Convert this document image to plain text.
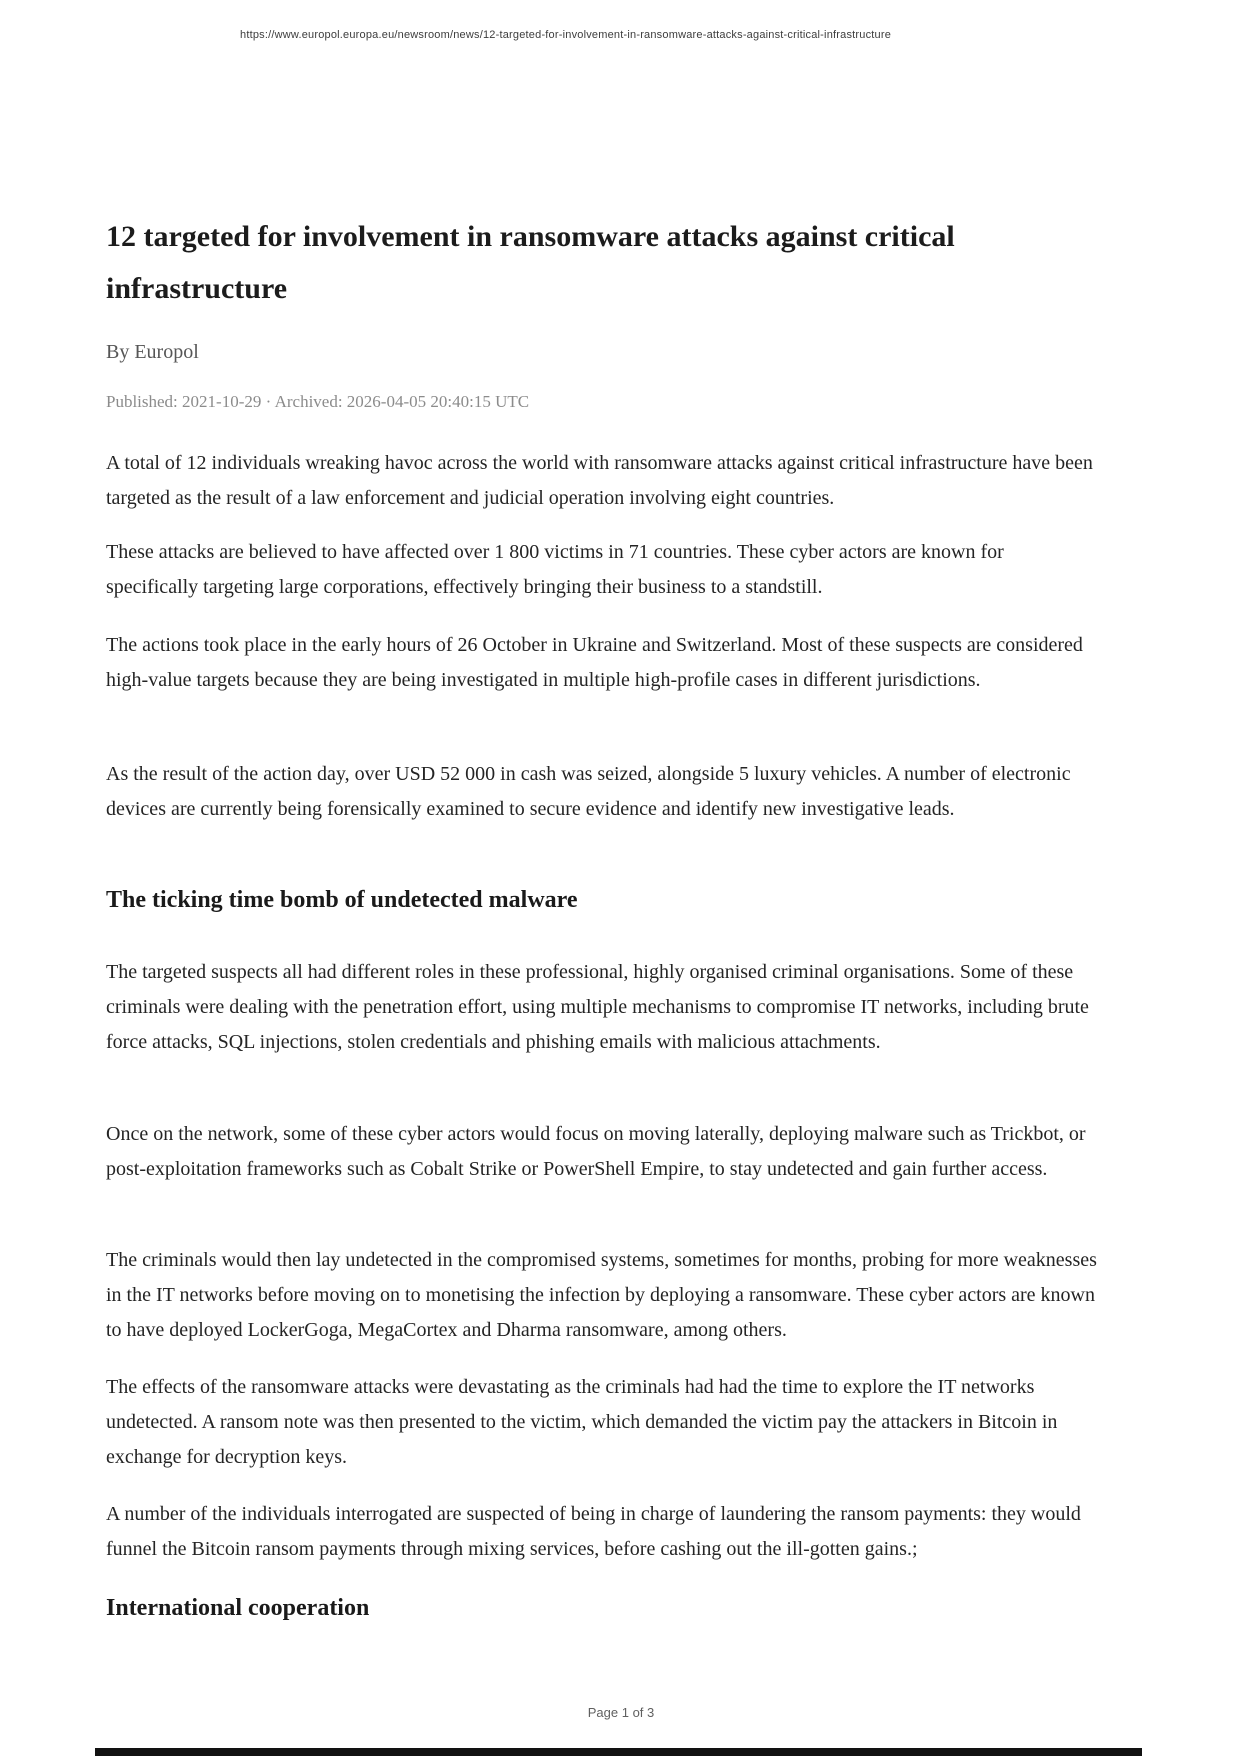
https://www.europol.europa.eu/newsroom/news/12-targeted-for-involvement-in-ransomware-attacks-against-critical-infrastructure
12 targeted for involvement in ransomware attacks against critical infrastructure
By Europol
Published: 2021-10-29 · Archived: 2026-04-05 20:40:15 UTC

A total of 12 individuals wreaking havoc across the world with ransomware attacks against critical infrastructure have been targeted as the result of a law enforcement and judicial operation involving eight countries.

These attacks are believed to have affected over 1 800 victims in 71 countries. These cyber actors are known for specifically targeting large corporations, effectively bringing their business to a standstill.

The actions took place in the early hours of 26 October in Ukraine and Switzerland. Most of these suspects are considered high-value targets because they are being investigated in multiple high-profile cases in different jurisdictions.

As the result of the action day, over USD 52 000 in cash was seized, alongside 5 luxury vehicles. A number of electronic devices are currently being forensically examined to secure evidence and identify new investigative leads.

The ticking time bomb of undetected malware

The targeted suspects all had different roles in these professional, highly organised criminal organisations. Some of these criminals were dealing with the penetration effort, using multiple mechanisms to compromise IT networks, including brute force attacks, SQL injections, stolen credentials and phishing emails with malicious attachments.

Once on the network, some of these cyber actors would focus on moving laterally, deploying malware such as Trickbot, or post-exploitation frameworks such as Cobalt Strike or PowerShell Empire, to stay undetected and gain further access.

The criminals would then lay undetected in the compromised systems, sometimes for months, probing for more weaknesses in the IT networks before moving on to monetising the infection by deploying a ransomware. These cyber actors are known to have deployed LockerGoga, MegaCortex and Dharma ransomware, among others.

The effects of the ransomware attacks were devastating as the criminals had had the time to explore the IT networks undetected. A ransom note was then presented to the victim, which demanded the victim pay the attackers in Bitcoin in exchange for decryption keys.

A number of the individuals interrogated are suspected of being in charge of laundering the ransom payments: they would funnel the Bitcoin ransom payments through mixing services, before cashing out the ill-gotten gains.;

International cooperation
Page 1 of 3
